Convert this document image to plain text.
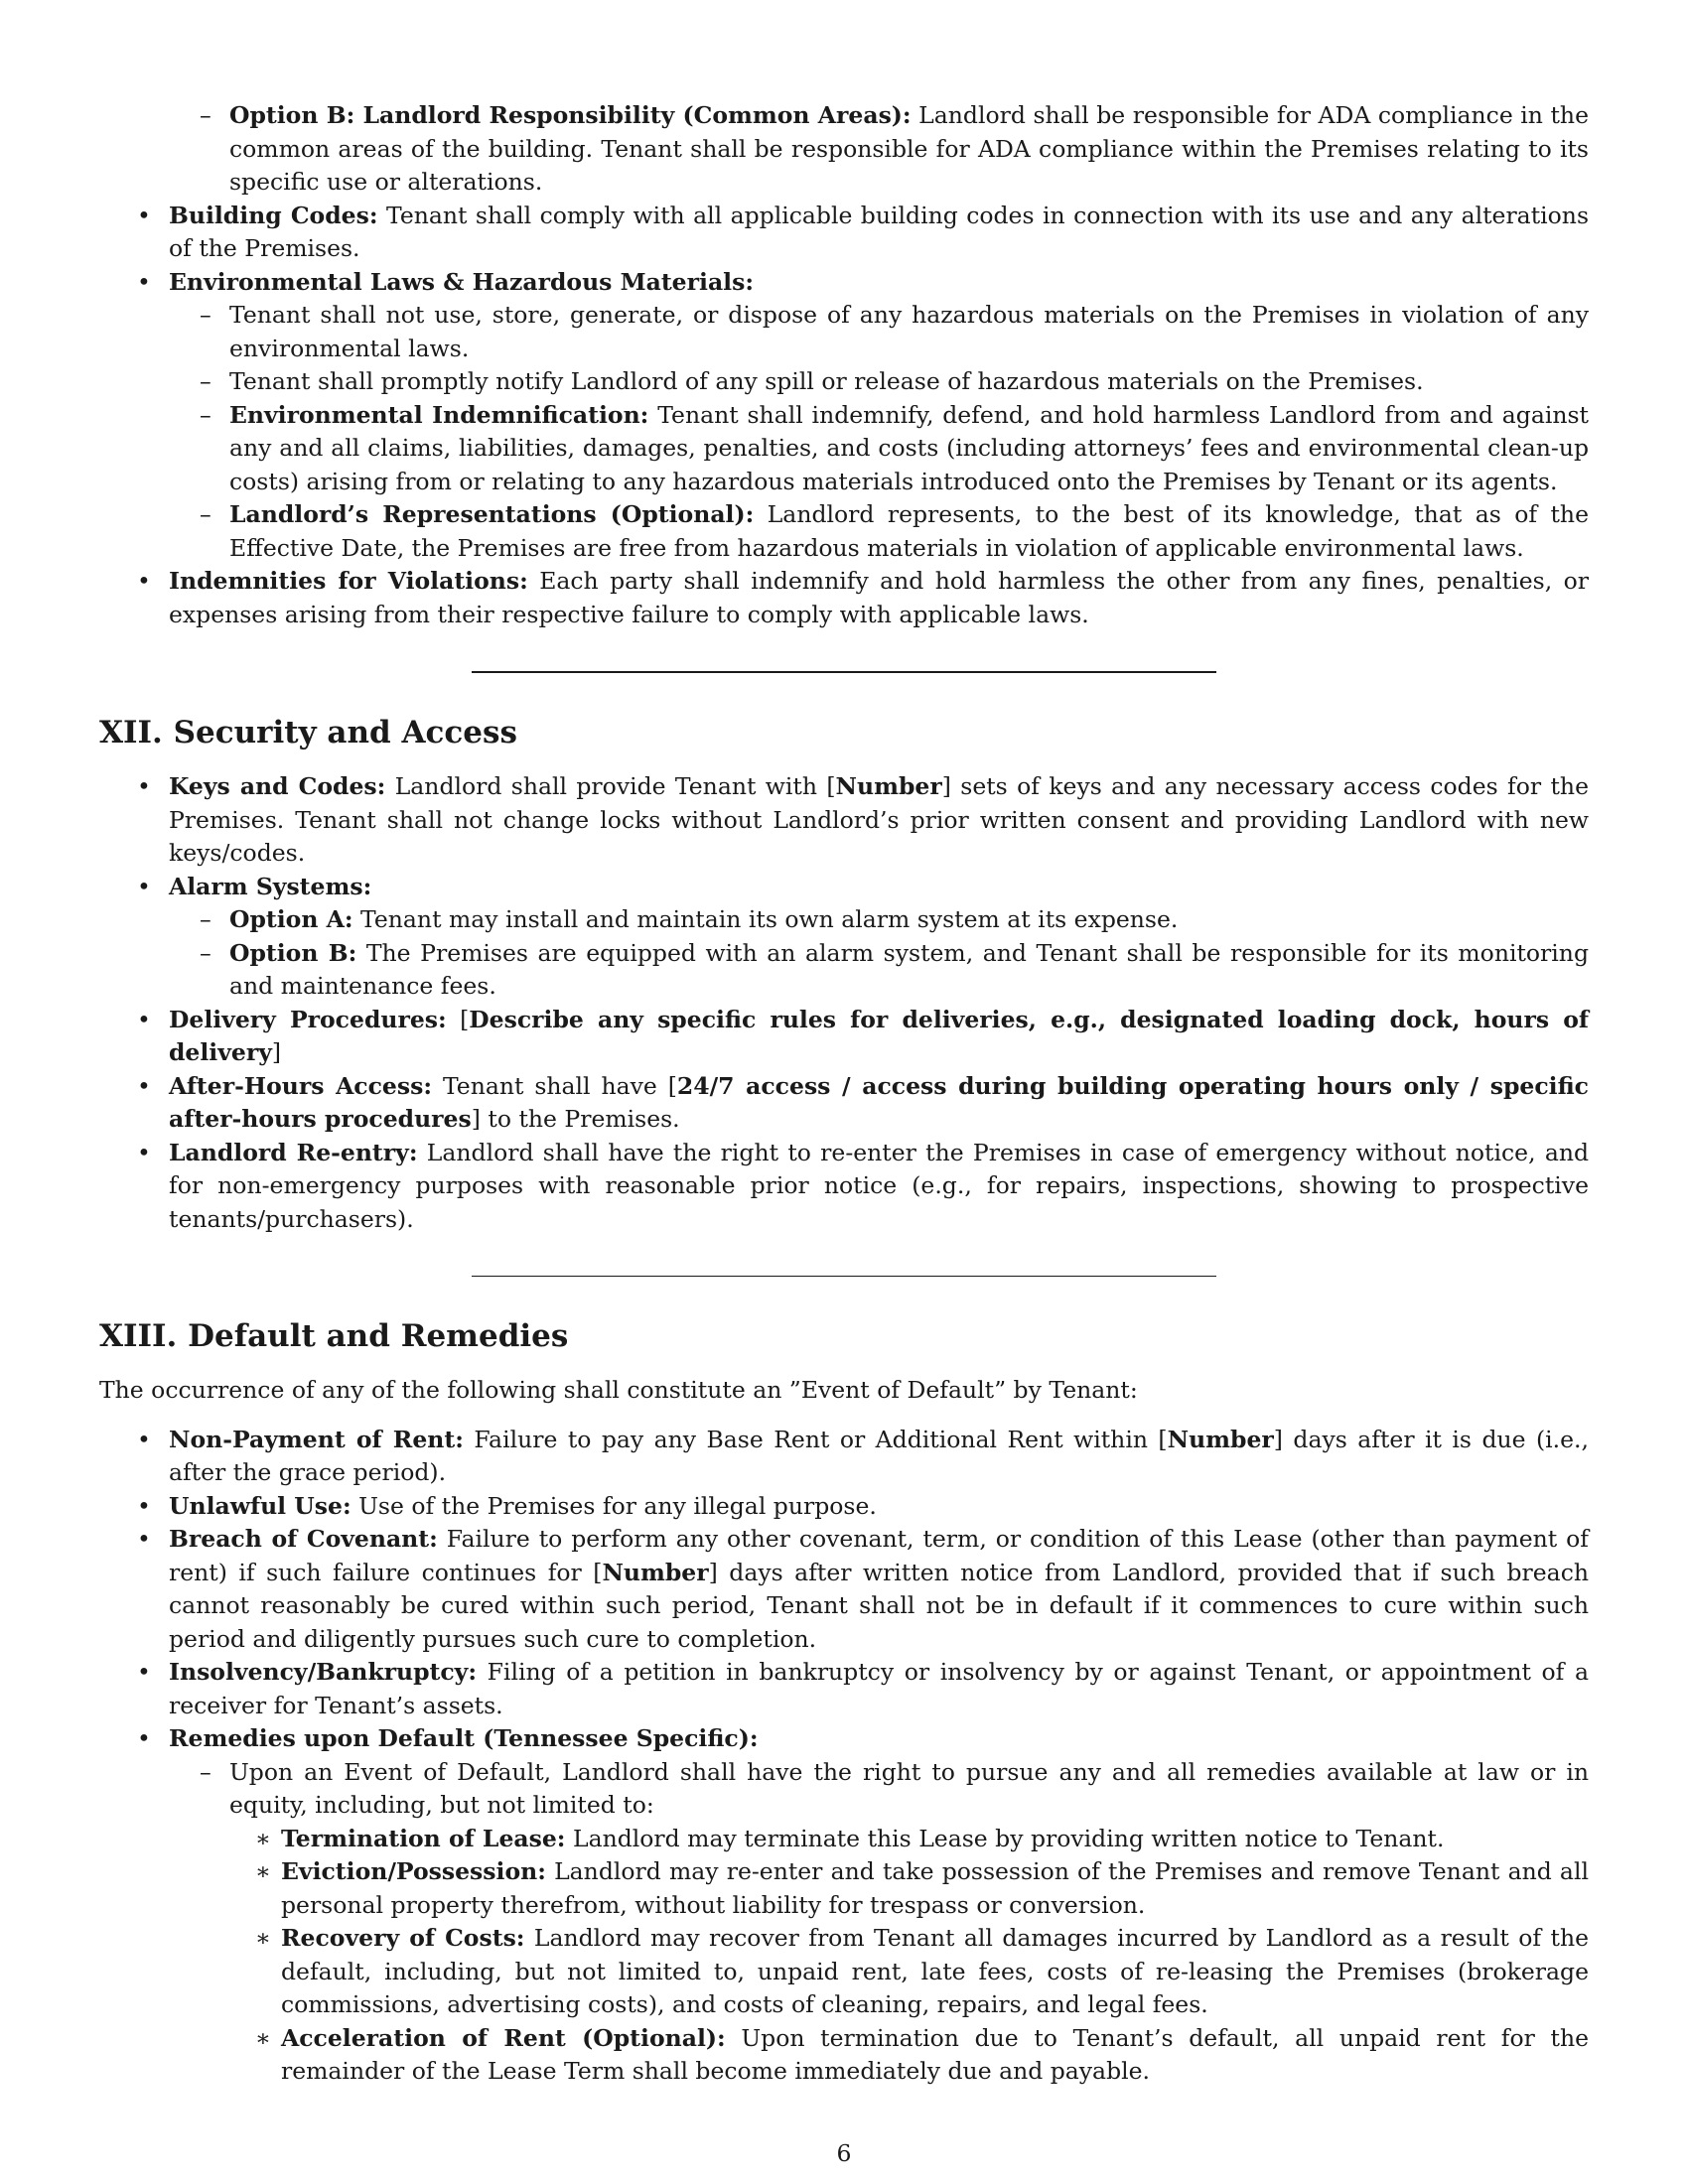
– Option B: Landlord Responsibility (Common Areas): Landlord shall be responsible for ADA compliance in the common areas of the building. Tenant shall be responsible for ADA compliance within the Premises relating to its specific use or alterations.
• Building Codes: Tenant shall comply with all applicable building codes in connection with its use and any alterations of the Premises.
• Environmental Laws & Hazardous Materials:
– Tenant shall not use, store, generate, or dispose of any hazardous materials on the Premises in violation of any environmental laws.
– Tenant shall promptly notify Landlord of any spill or release of hazardous materials on the Premises.
– Environmental Indemnification: Tenant shall indemnify, defend, and hold harmless Landlord from and against any and all claims, liabilities, damages, penalties, and costs (including attorneys’ fees and environmental clean-up costs) arising from or relating to any hazardous materials introduced onto the Premises by Tenant or its agents.
– Landlord’s Representations (Optional): Landlord represents, to the best of its knowledge, that as of the Effective Date, the Premises are free from hazardous materials in violation of applicable environmental laws.
• Indemnities for Violations: Each party shall indemnify and hold harmless the other from any fines, penalties, or expenses arising from their respective failure to comply with applicable laws.
XII. Security and Access
• Keys and Codes: Landlord shall provide Tenant with [Number] sets of keys and any necessary access codes for the Premises. Tenant shall not change locks without Landlord’s prior written consent and providing Landlord with new keys/codes.
• Alarm Systems:
– Option A: Tenant may install and maintain its own alarm system at its expense.
– Option B: The Premises are equipped with an alarm system, and Tenant shall be responsible for its monitoring and maintenance fees.
• Delivery Procedures: [Describe any specific rules for deliveries, e.g., designated loading dock, hours of delivery]
• After-Hours Access: Tenant shall have [24/7 access / access during building operating hours only / specific after-hours procedures] to the Premises.
• Landlord Re-entry: Landlord shall have the right to re-enter the Premises in case of emergency without notice, and for non-emergency purposes with reasonable prior notice (e.g., for repairs, inspections, showing to prospective tenants/purchasers).
XIII. Default and Remedies

The occurrence of any of the following shall constitute an ”Event of Default” by Tenant:

• Non-Payment of Rent: Failure to pay any Base Rent or Additional Rent within [Number] days after it is due (i.e., after the grace period).
• Unlawful Use: Use of the Premises for any illegal purpose.
• Breach of Covenant: Failure to perform any other covenant, term, or condition of this Lease (other than payment of rent) if such failure continues for [Number] days after written notice from Landlord, provided that if such breach cannot reasonably be cured within such period, Tenant shall not be in default if it commences to cure within such period and diligently pursues such cure to completion.
• Insolvency/Bankruptcy: Filing of a petition in bankruptcy or insolvency by or against Tenant, or appointment of a receiver for Tenant’s assets.
• Remedies upon Default (Tennessee Specific):
– Upon an Event of Default, Landlord shall have the right to pursue any and all remedies available at law or in equity, including, but not limited to:
∗ Termination of Lease: Landlord may terminate this Lease by providing written notice to Tenant.
∗ Eviction/Possession: Landlord may re-enter and take possession of the Premises and remove Tenant and all personal property therefrom, without liability for trespass or conversion.
∗ Recovery of Costs: Landlord may recover from Tenant all damages incurred by Landlord as a result of the default, including, but not limited to, unpaid rent, late fees, costs of re-leasing the Premises (brokerage commissions, advertising costs), and costs of cleaning, repairs, and legal fees.
∗ Acceleration of Rent (Optional): Upon termination due to Tenant’s default, all unpaid rent for the remainder of the Lease Term shall become immediately due and payable.
6
